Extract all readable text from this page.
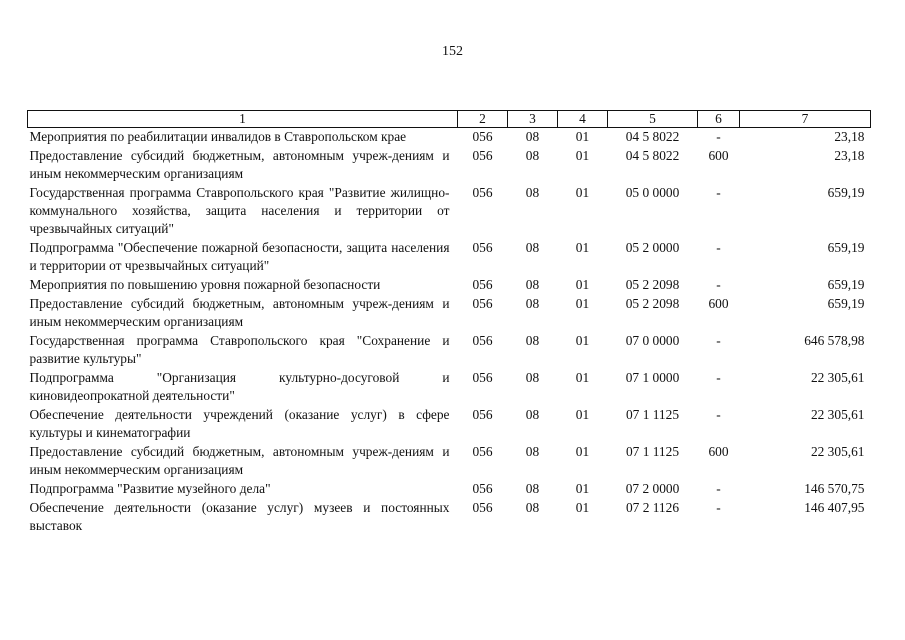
152
1	2	3	4	5	6	7
Мероприятия по реабилитации инвалидов в Ставропольском крае	056	08	01	04 5 8022	-	23,18
Предоставление субсидий бюджетным, автономным учреж-дениям и иным некоммерческим организациям	056	08	01	04 5 8022	600	23,18
Государственная программа Ставропольского края "Развитие жилищно-коммунального хозяйства, защита населения и территории от чрезвычайных ситуаций"	056	08	01	05 0 0000	-	659,19
Подпрограмма "Обеспечение пожарной безопасности, защита населения и территории от чрезвычайных ситуаций"	056	08	01	05 2 0000	-	659,19
Мероприятия по повышению уровня пожарной безопасности	056	08	01	05 2 2098	-	659,19
Предоставление субсидий бюджетным, автономным учреж-дениям и иным некоммерческим организациям	056	08	01	05 2 2098	600	659,19
Государственная программа Ставропольского края "Сохранение и развитие культуры"	056	08	01	07 0 0000	-	646 578,98
Подпрограмма "Организация культурно-досуговой и киновидеопрокатной деятельности"	056	08	01	07 1 0000	-	22 305,61
Обеспечение деятельности учреждений (оказание услуг) в сфере культуры и кинематографии	056	08	01	07 1 1125	-	22 305,61
Предоставление субсидий бюджетным, автономным учреж-дениям и иным некоммерческим организациям	056	08	01	07 1 1125	600	22 305,61
Подпрограмма "Развитие музейного дела"	056	08	01	07 2 0000	-	146 570,75
Обеспечение деятельности (оказание услуг) музеев и постоянных выставок	056	08	01	07 2 1126	-	146 407,95
